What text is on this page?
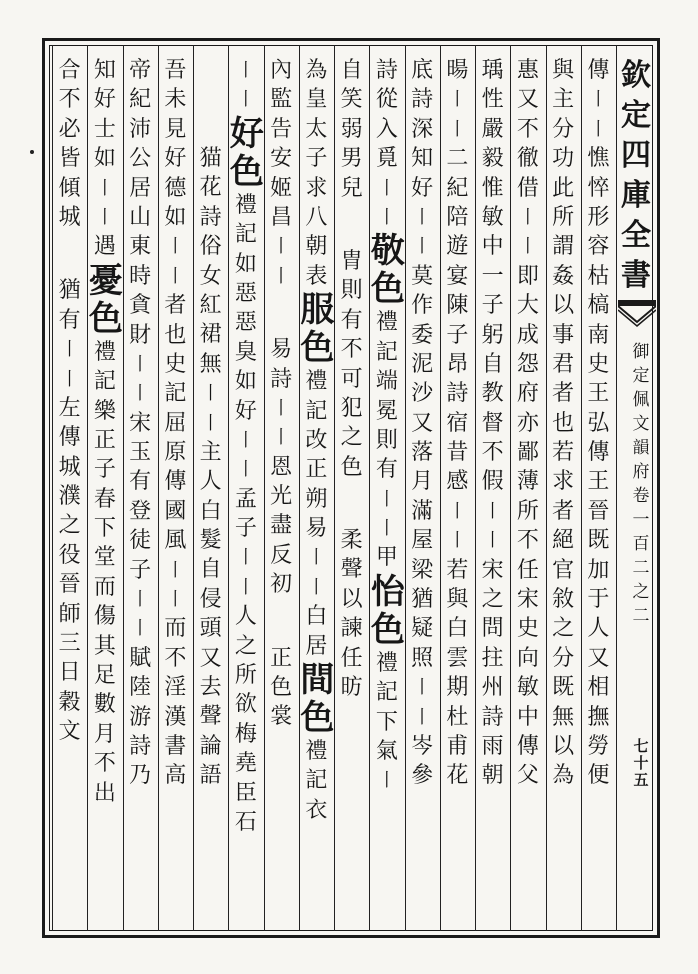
傳
丨
丨
憔
悴
形
容
枯
槁
南
史
王
弘
傳
王
晉
既
加
于
人
又
相
撫
勞
便
與
主
分
功
此
所
謂
姦
以
事
君
者
也
若
求
者
絕
官
敘
之
分
既
無
以
為
惠
又
不
徹
借
丨
丨
即
大
成
怨
府
亦
鄙
薄
所
不
任
宋
史
向
敏
中
傳
父
瑀
性
嚴
毅
惟
敏
中
一
子
躬
自
教
督
不
假
丨
丨
宋
之
問
拄
州
詩
雨
朝
暘
丨
丨
二
紀
陪
遊
宴
陳
子
昂
詩
宿
昔
感
丨
丨
若
與
白
雲
期
杜
甫
花
底
詩
深
知
好
丨
丨
莫
作
委
泥
沙
又
落
月
滿
屋
梁
猶
疑
照
丨
丨
岑
參
詩
從
入
覓
丨
丨
敬
色
禮
記
端
冕
則
有
丨
丨
甲
怡
色
禮
記
下
氣
丨
自
笑
弱
男
兒
胄
則
有
不
可
犯
之
色
柔
聲
以
諫
任
昉
為
皇
太
子
求
八
朝
表
服
色
禮
記
改
正
朔
易
丨
丨
白
居
間
色
禮
記
衣
內
監
告
安
姬
昌
丨
丨
易
詩
丨
丨
恩
光
盡
反
初
正
色
裳
丨
丨
好
色
禮
記
如
惡
惡
臭
如
好
丨
丨
孟
子
丨
丨
人
之
所
欲
梅
堯
臣
石
猫
花
詩
俗
女
紅
裙
無
丨
丨
主
人
白
髮
自
侵
頭
又
去
聲
論
語
吾
未
見
好
德
如
丨
丨
者
也
史
記
屈
原
傳
國
風
丨
丨
而
不
淫
漢
書
高
帝
紀
沛
公
居
山
東
時
貪
財
丨
丨
宋
玉
有
登
徒
子
丨
丨
賦
陸
游
詩
乃
知
好
士
如
丨
丨
遇
憂
色
禮
記
樂
正
子
春
下
堂
而
傷
其
足
數
月
不
出
合
不
必
皆
傾
城
猶
有
丨
丨
左
傳
城
濮
之
役
晉
師
三
日
穀
文
欽
定
四
庫
全
書
御
定
佩
文
韻
府
卷
一
百
二
之
二
七
十
五
